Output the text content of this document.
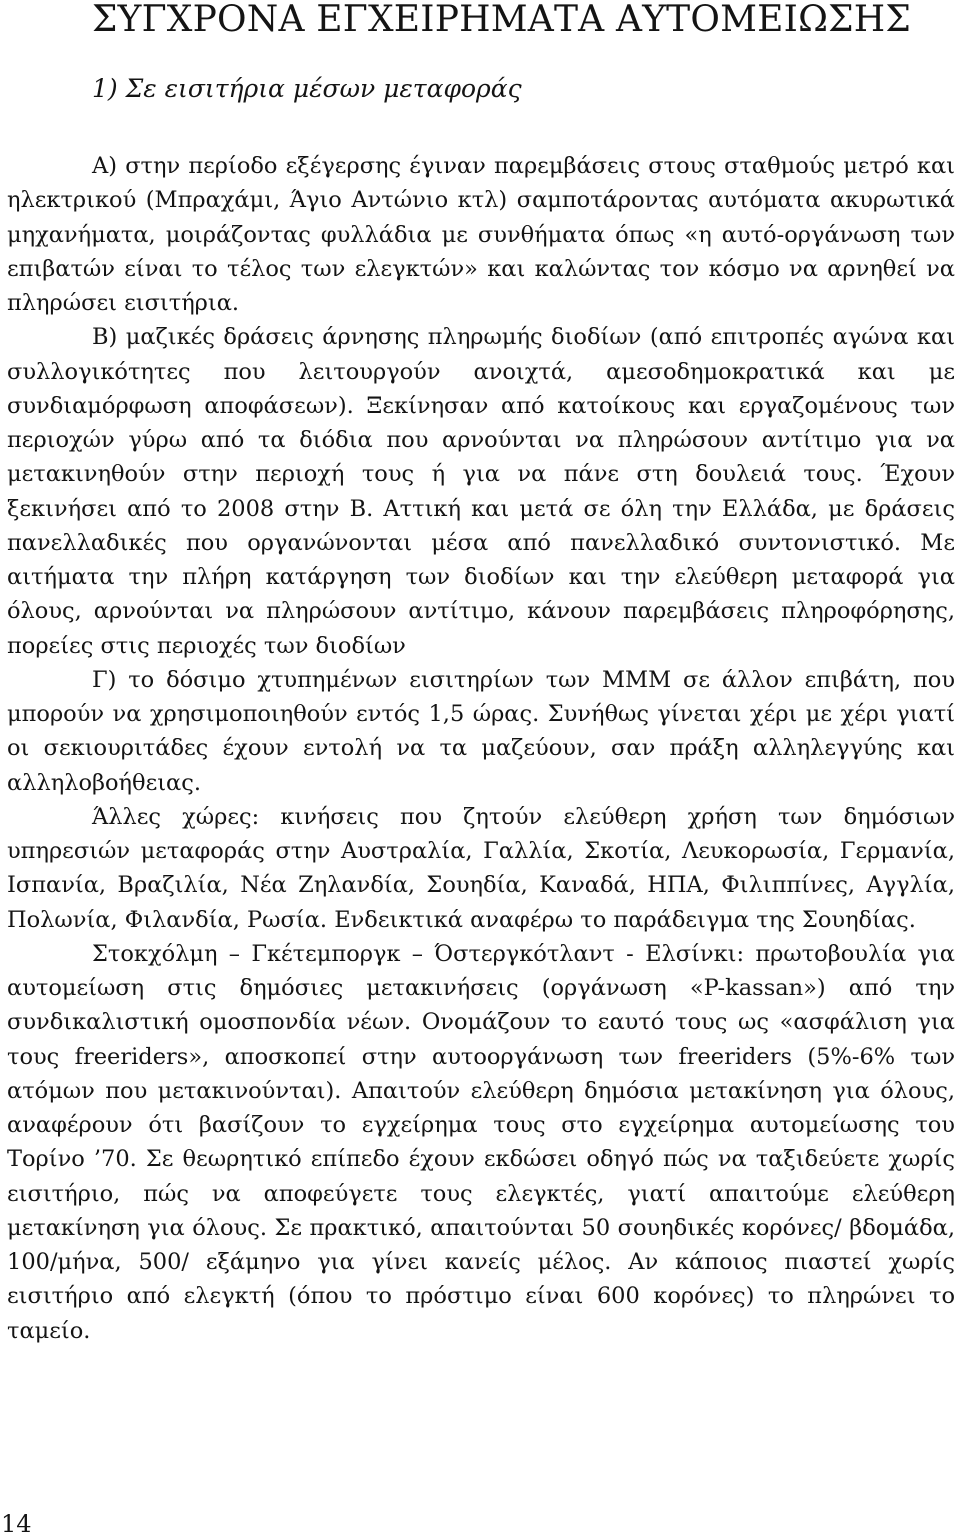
ΣΥΓΧΡΟΝΑ ΕΓΧΕΙΡΗΜΑΤΑ ΑΥΤΟΜΕΙΩΣΗΣ
1) Σε εισιτήρια μέσων μεταφοράς

Α) στην περίοδο εξέγερσης έγιναν παρεμβάσεις στους σταθμούς μετρό και ηλεκτρικού (Μπραχάμι, Άγιο Αντώνιο κτλ) σαμποτάροντας αυτόματα ακυρωτικά μηχανήματα, μοιράζοντας φυλλάδια με συνθήματα όπως «η αυτό-οργάνωση των επιβατών είναι το τέλος των ελεγκτών» και καλώντας τον κόσμο να αρνηθεί να πληρώσει εισιτήρια.

Β) μαζικές δράσεις άρνησης πληρωμής διοδίων (από επιτροπές αγώνα και συλλογικότητες που λειτουργούν ανοιχτά, αμεσοδημοκρατικά και με συνδιαμόρφωση αποφάσεων). Ξεκίνησαν από κατοίκους και εργαζομένους των περιοχών γύρω από τα διόδια που αρνούνται να πληρώσουν αντίτιμο για να μετακινηθούν στην περιοχή τους ή για να πάνε στη δουλειά τους. Έχουν ξεκινήσει από το 2008 στην Β. Αττική και μετά σε όλη την Ελλάδα, με δράσεις πανελλαδικές που οργανώνονται μέσα από πανελλαδικό συντονιστικό. Με αιτήματα την πλήρη κατάργηση των διοδίων και την ελεύθερη μεταφορά για όλους, αρνούνται να πληρώσουν αντίτιμο, κάνουν παρεμβάσεις πληροφόρησης, πορείες στις περιοχές των διοδίων

Γ) το δόσιμο χτυπημένων εισιτηρίων των ΜΜΜ σε άλλον επιβάτη, που μπορούν να χρησιμοποιηθούν εντός 1,5 ώρας. Συνήθως γίνεται χέρι με χέρι γιατί οι σεκιουριτάδες έχουν εντολή να τα μαζεύουν, σαν πράξη αλληλεγγύης και αλληλοβοήθειας.

Άλλες χώρες: κινήσεις που ζητούν ελεύθερη χρήση των δημόσιων υπηρεσιών μεταφοράς στην Αυστραλία, Γαλλία, Σκοτία, Λευκορωσία, Γερμανία, Ισπανία, Βραζιλία, Νέα Ζηλανδία, Σουηδία, Καναδά, ΗΠΑ, Φιλιππίνες, Αγγλία, Πολωνία, Φιλανδία, Ρωσία. Ενδεικτικά αναφέρω το παράδειγμα της Σουηδίας.

Στοκχόλμη – Γκέτεμποργκ – Όστεργκότλαντ - Ελσίνκι: πρωτοβουλία για αυτομείωση στις δημόσιες μετακινήσεις (οργάνωση «P-kassan») από την συνδικαλιστική ομοσπονδία νέων. Ονομάζουν το εαυτό τους ως «ασφάλιση για τους freeriders», αποσκοπεί στην αυτοοργάνωση των freeriders (5%-6% των ατόμων που μετακινούνται). Απαιτούν ελεύθερη δημόσια μετακίνηση για όλους, αναφέρουν ότι βασίζουν το εγχείρημα τους στο εγχείρημα αυτομείωσης του Τορίνο ’70. Σε θεωρητικό επίπεδο έχουν εκδώσει οδηγό πώς να ταξιδεύετε χωρίς εισιτήριο, πώς να αποφεύγετε τους ελεγκτές, γιατί απαιτούμε ελεύθερη μετακίνηση για όλους. Σε πρακτικό, απαιτούνται 50 σουηδικές κορόνες/ βδομάδα, 100/μήνα, 500/ εξάμηνο για γίνει κανείς μέλος. Αν κάποιος πιαστεί χωρίς εισιτήριο από ελεγκτή (όπου το πρόστιμο είναι 600 κορόνες) το πληρώνει το ταμείο.

14
